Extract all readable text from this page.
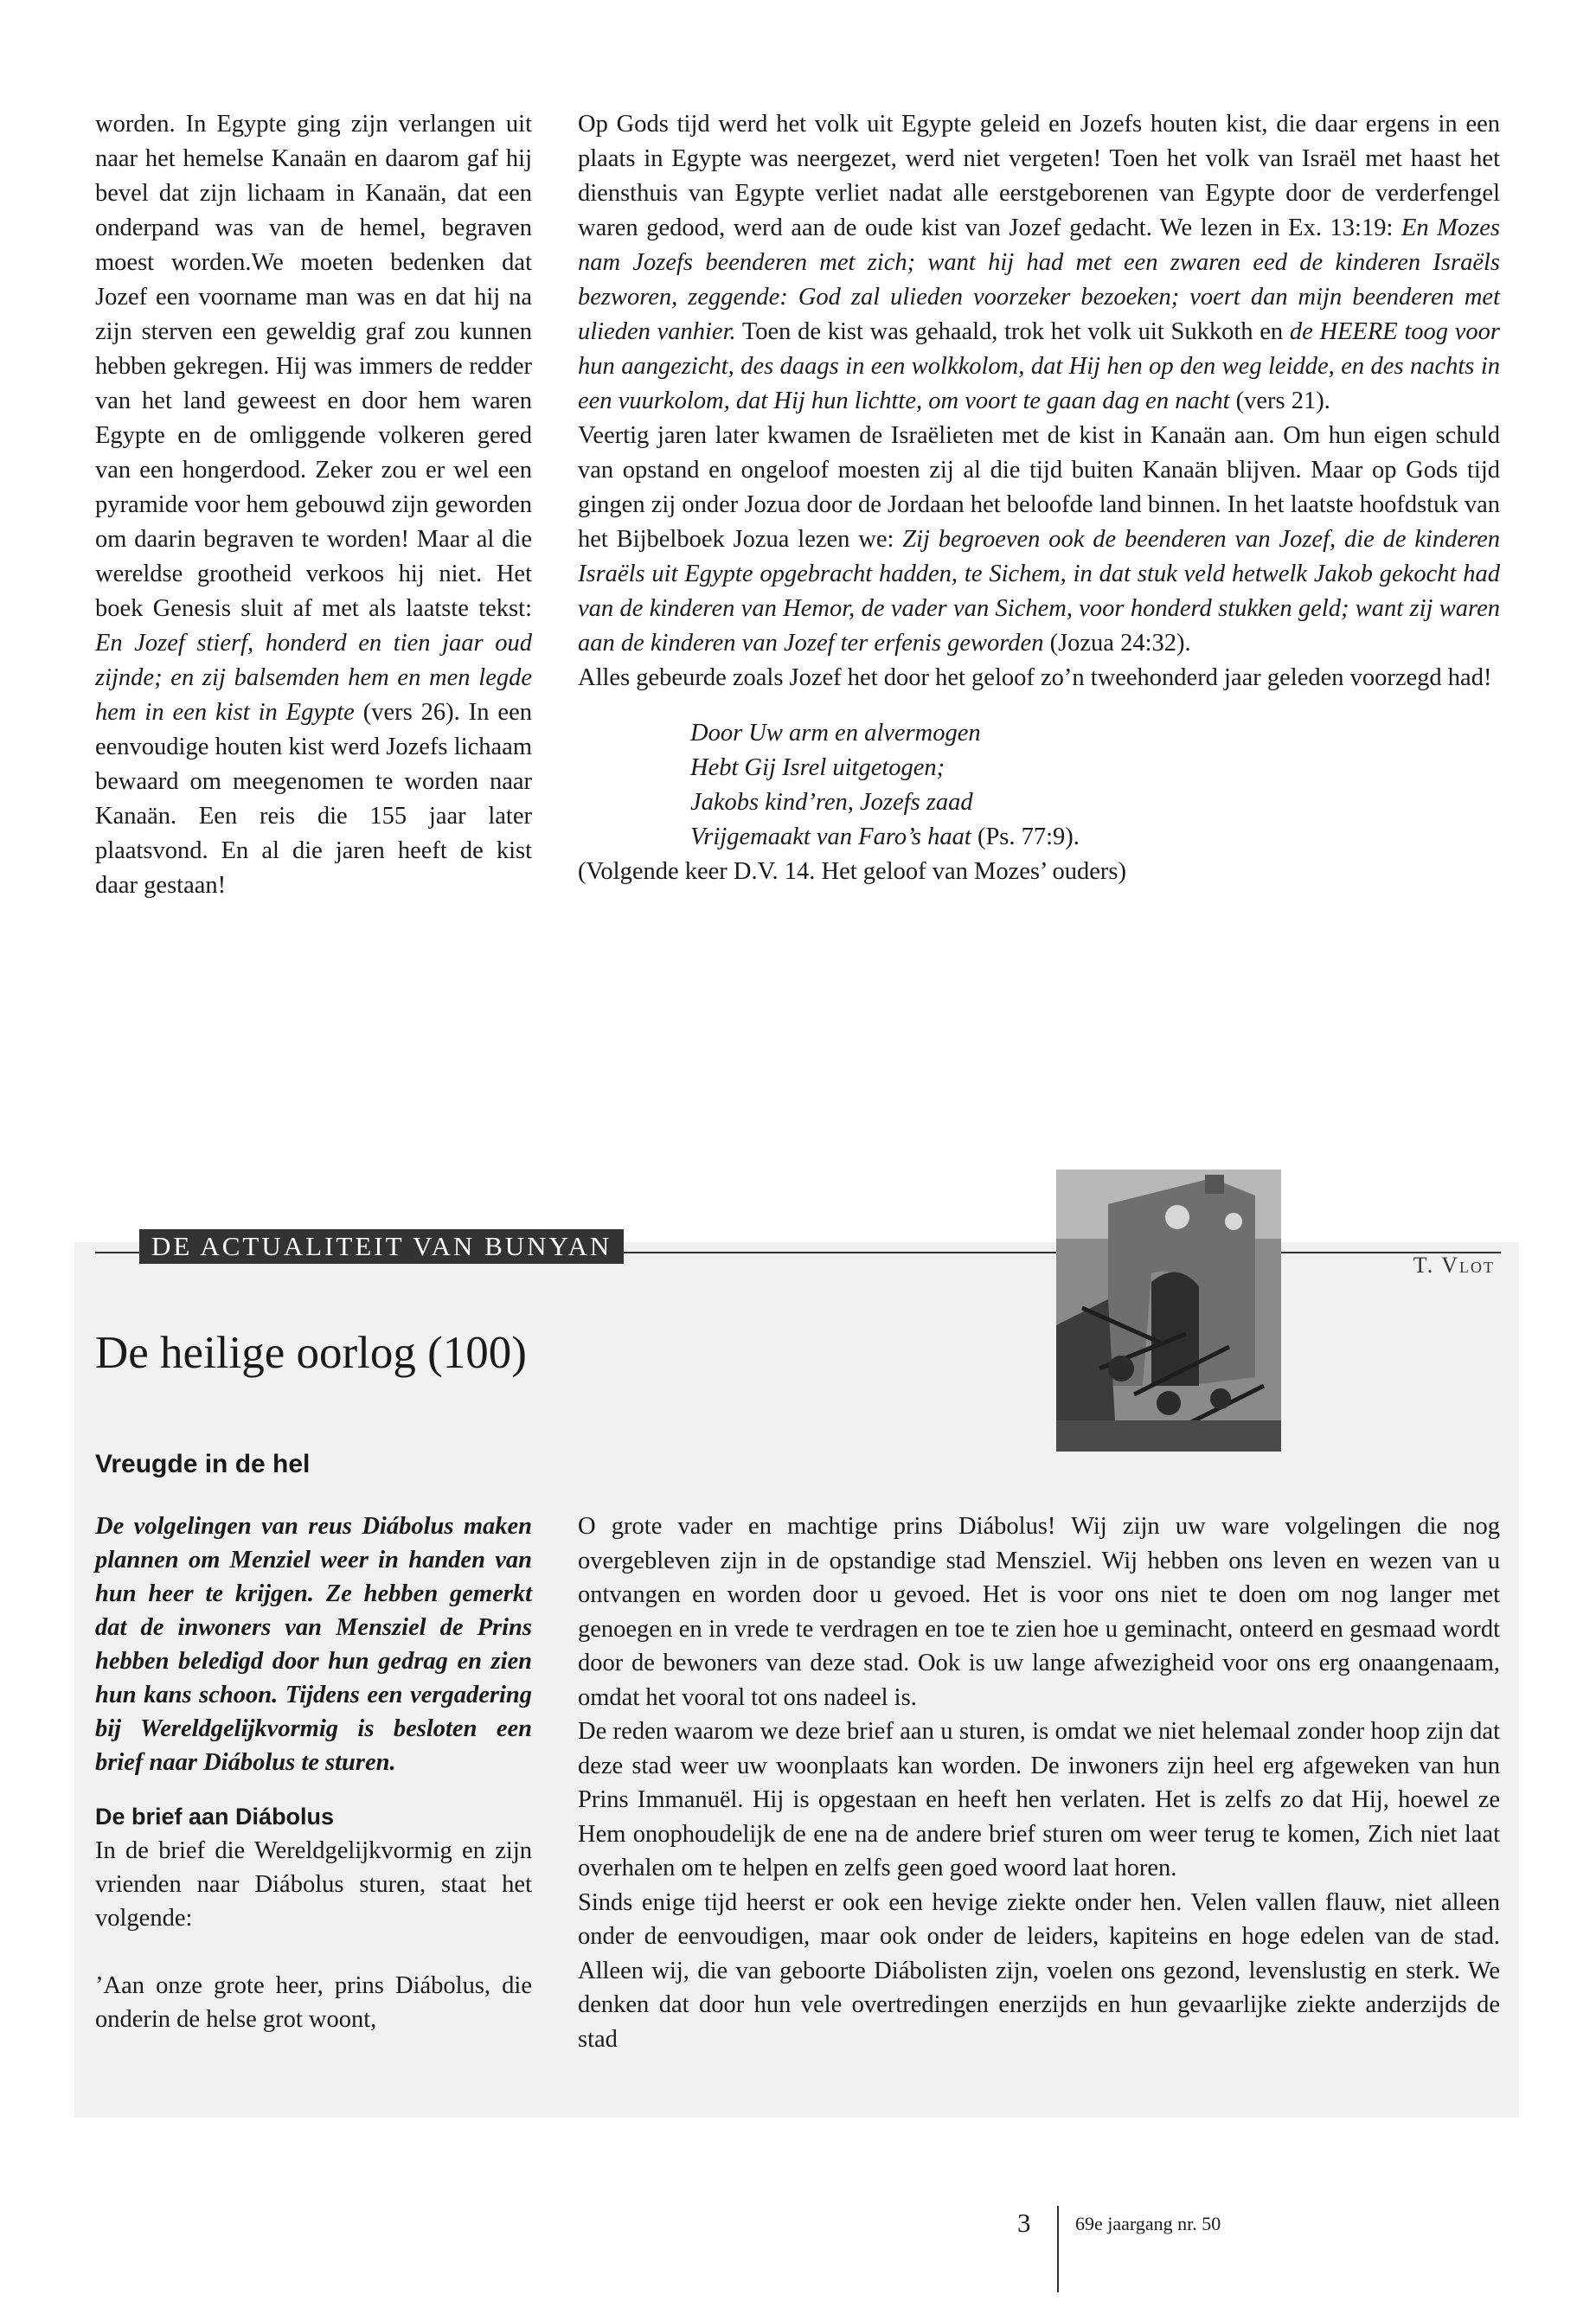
worden. In Egypte ging zijn verlangen uit naar het hemelse Kanaän en daarom gaf hij bevel dat zijn lichaam in Kanaän, dat een onderpand was van de hemel, begraven moest worden.We moeten bedenken dat Jozef een voorname man was en dat hij na zijn sterven een geweldig graf zou kunnen hebben gekregen. Hij was immers de redder van het land geweest en door hem waren Egypte en de omliggende volkeren gered van een hongerdood. Zeker zou er wel een pyramide voor hem gebouwd zijn geworden om daarin begraven te worden! Maar al die wereldse grootheid verkoos hij niet. Het boek Genesis sluit af met als laatste tekst: En Jozef stierf, honderd en tien jaar oud zijnde; en zij balsemden hem en men legde hem in een kist in Egypte (vers 26). In een eenvoudige houten kist werd Jozefs lichaam bewaard om meegenomen te worden naar Kanaän. Een reis die 155 jaar later plaatsvond. En al die jaren heeft de kist daar gestaan!

Op Gods tijd werd het volk uit Egypte geleid en Jozefs houten kist, die daar ergens in een plaats in Egypte was neergezet, werd niet vergeten! Toen het volk van Israël met haast het diensthuis van Egypte verliet nadat alle eerstgeborenen van Egypte door de verderfengel waren gedood, werd aan de oude kist van Jozef gedacht. We lezen in Ex. 13:19: En Mozes nam Jozefs beenderen met zich; want hij had met een zwaren eed de kinderen Israëls bezworen, zeggende: God zal ulieden voorzeker bezoeken; voert dan mijn beenderen met ulieden vanhier. Toen de kist was gehaald, trok het volk uit Sukkoth en de HEERE toog voor hun aangezicht, des daags in een wolkkolom, dat Hij hen op den weg leidde, en des nachts in een vuurkolom, dat Hij hun lichtte, om voort te gaan dag en nacht (vers 21).

Veertig jaren later kwamen de Israëlieten met de kist in Kanaän aan. Om hun eigen schuld van opstand en ongeloof moesten zij al die tijd buiten Kanaän blijven. Maar op Gods tijd gingen zij onder Jozua door de Jordaan het beloofde land binnen. In het laatste hoofdstuk van het Bijbelboek Jozua lezen we: Zij begroeven ook de beenderen van Jozef, die de kinderen Israëls uit Egypte opgebracht hadden, te Sichem, in dat stuk veld hetwelk Jakob gekocht had van de kinderen van Hemor, de vader van Sichem, voor honderd stukken geld; want zij waren aan de kinderen van Jozef ter erfenis geworden (Jozua 24:32).

Alles gebeurde zoals Jozef het door het geloof zo’n tweehonderd jaar geleden voorzegd had!

Door Uw arm en alvermogen
Hebt Gij Isrel uitgetogen;
Jakobs kind’ren, Jozefs zaad
Vrijgemaakt van Faro’s haat (Ps. 77:9).

(Volgende keer D.V. 14. Het geloof van Mozes’ ouders)

DE ACTUALITEIT VAN BUNYAN
T. Vlot
De heilige oorlog (100)
Vreugde in de hel
De volgelingen van reus Diábolus maken plannen om Menziel weer in handen van hun heer te krijgen. Ze hebben gemerkt dat de inwoners van Mensziel de Prins hebben beledigd door hun gedrag en zien hun kans schoon. Tijdens een vergadering bij Wereldgelijkvormig is besloten een brief naar Diábolus te sturen.
De brief aan Diábolus
In de brief die Wereldgelijkvormig en zijn vrienden naar Diábolus sturen, staat het volgende:
’Aan onze grote heer, prins Diábolus, die onderin de helse grot woont,

O grote vader en machtige prins Diábolus! Wij zijn uw ware volgelingen die nog overgebleven zijn in de opstandige stad Mensziel. Wij hebben ons leven en wezen van u ontvangen en worden door u gevoed. Het is voor ons niet te doen om nog langer met genoegen en in vrede te verdragen en toe te zien hoe u geminacht, onteerd en gesmaad wordt door de bewoners van deze stad. Ook is uw lange afwezigheid voor ons erg onaangenaam, omdat het vooral tot ons nadeel is.

De reden waarom we deze brief aan u sturen, is omdat we niet helemaal zonder hoop zijn dat deze stad weer uw woonplaats kan worden. De inwoners zijn heel erg afgeweken van hun Prins Immanuël. Hij is opgestaan en heeft hen verlaten. Het is zelfs zo dat Hij, hoewel ze Hem onophoudelijk de ene na de andere brief sturen om weer terug te komen, Zich niet laat overhalen om te helpen en zelfs geen goed woord laat horen.

Sinds enige tijd heerst er ook een hevige ziekte onder hen. Velen vallen flauw, niet alleen onder de eenvoudigen, maar ook onder de leiders, kapiteins en hoge edelen van de stad. Alleen wij, die van geboorte Diábolisten zijn, voelen ons gezond, levenslustig en sterk. We denken dat door hun vele overtredingen enerzijds en hun gevaarlijke ziekte anderzijds de stad

3 69e jaargang nr. 50
